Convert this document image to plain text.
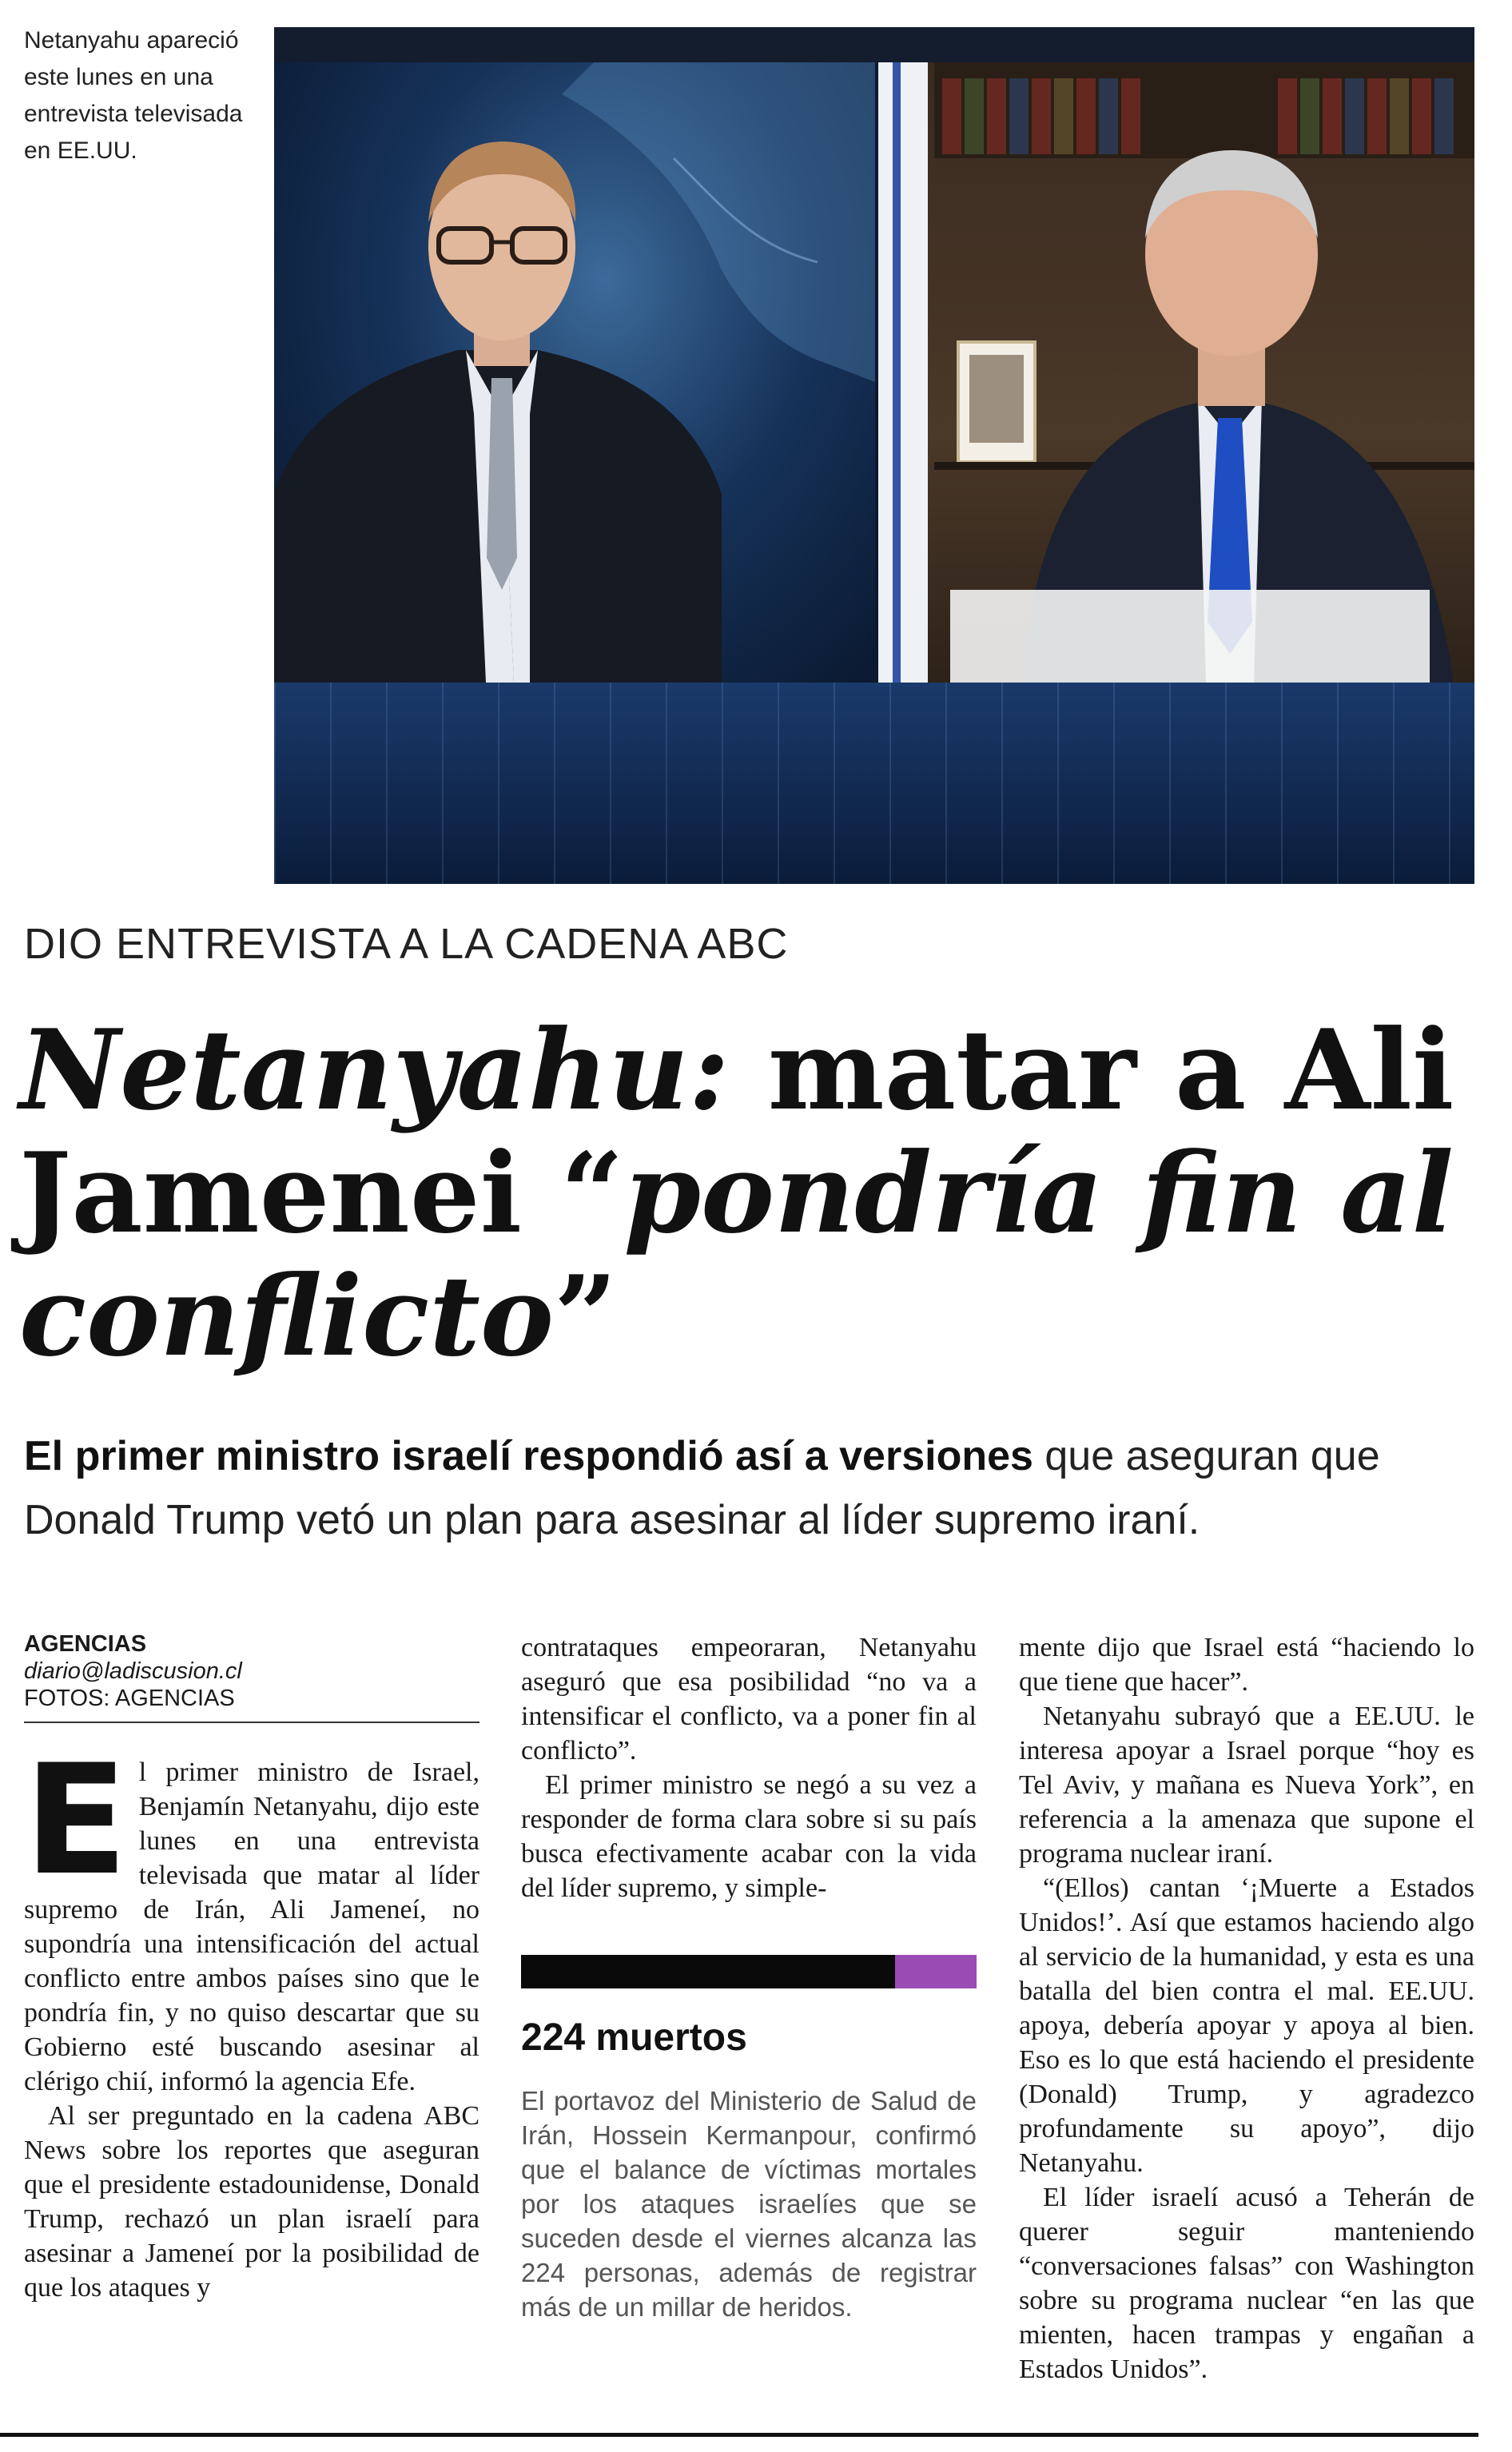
Netanyahu apareció este lunes en una entrevista televisada en EE.UU.
DIO ENTREVISTA A LA CADENA ABC
Netanyahu: matar a Ali Jamenei “pondría fin al conflicto”
El primer ministro israelí respondió así a versiones que aseguran que Donald Trump vetó un plan para asesinar al líder supremo iraní.
AGENCIAS
diario@ladiscusion.cl
FOTOS: AGENCIAS

El primer ministro de Israel, Benjamín Netanyahu, dijo este lunes en una entrevista televisada que matar al líder supremo de Irán, Ali Jameneí, no supondría una intensificación del actual conflicto entre ambos países sino que le pondría fin, y no quiso descartar que su Gobierno esté buscando asesinar al clérigo chií, informó la agencia Efe.

Al ser preguntado en la cadena ABC News sobre los reportes que aseguran que el presidente estadounidense, Donald Trump, rechazó un plan israelí para asesinar a Jameneí por la posibilidad de que los ataques y

contrataques empeoraran, Netanyahu aseguró que esa posibilidad “no va a intensificar el conflicto, va a poner fin al conflicto”.

El primer ministro se negó a su vez a responder de forma clara sobre si su país busca efectivamente acabar con la vida del líder supremo, y simple-

224 muertos
El portavoz del Ministerio de Salud de Irán, Hossein Kermanpour, confirmó que el balance de víctimas mortales por los ataques israelíes que se suceden desde el viernes alcanza las 224 personas, además de registrar más de un millar de heridos.

mente dijo que Israel está “haciendo lo que tiene que hacer”.

Netanyahu subrayó que a EE.UU. le interesa apoyar a Israel porque “hoy es Tel Aviv, y mañana es Nueva York”, en referencia a la amenaza que supone el programa nuclear iraní.

“(Ellos) cantan ‘¡Muerte a Estados Unidos!’. Así que estamos haciendo algo al servicio de la humanidad, y esta es una batalla del bien contra el mal. EE.UU. apoya, debería apoyar y apoya al bien. Eso es lo que está haciendo el presidente (Donald) Trump, y agradezco profundamente su apoyo”, dijo Netanyahu.

El líder israelí acusó a Teherán de querer seguir manteniendo “conversaciones falsas” con Washington sobre su programa nuclear “en las que mienten, hacen trampas y engañan a Estados Unidos”.
